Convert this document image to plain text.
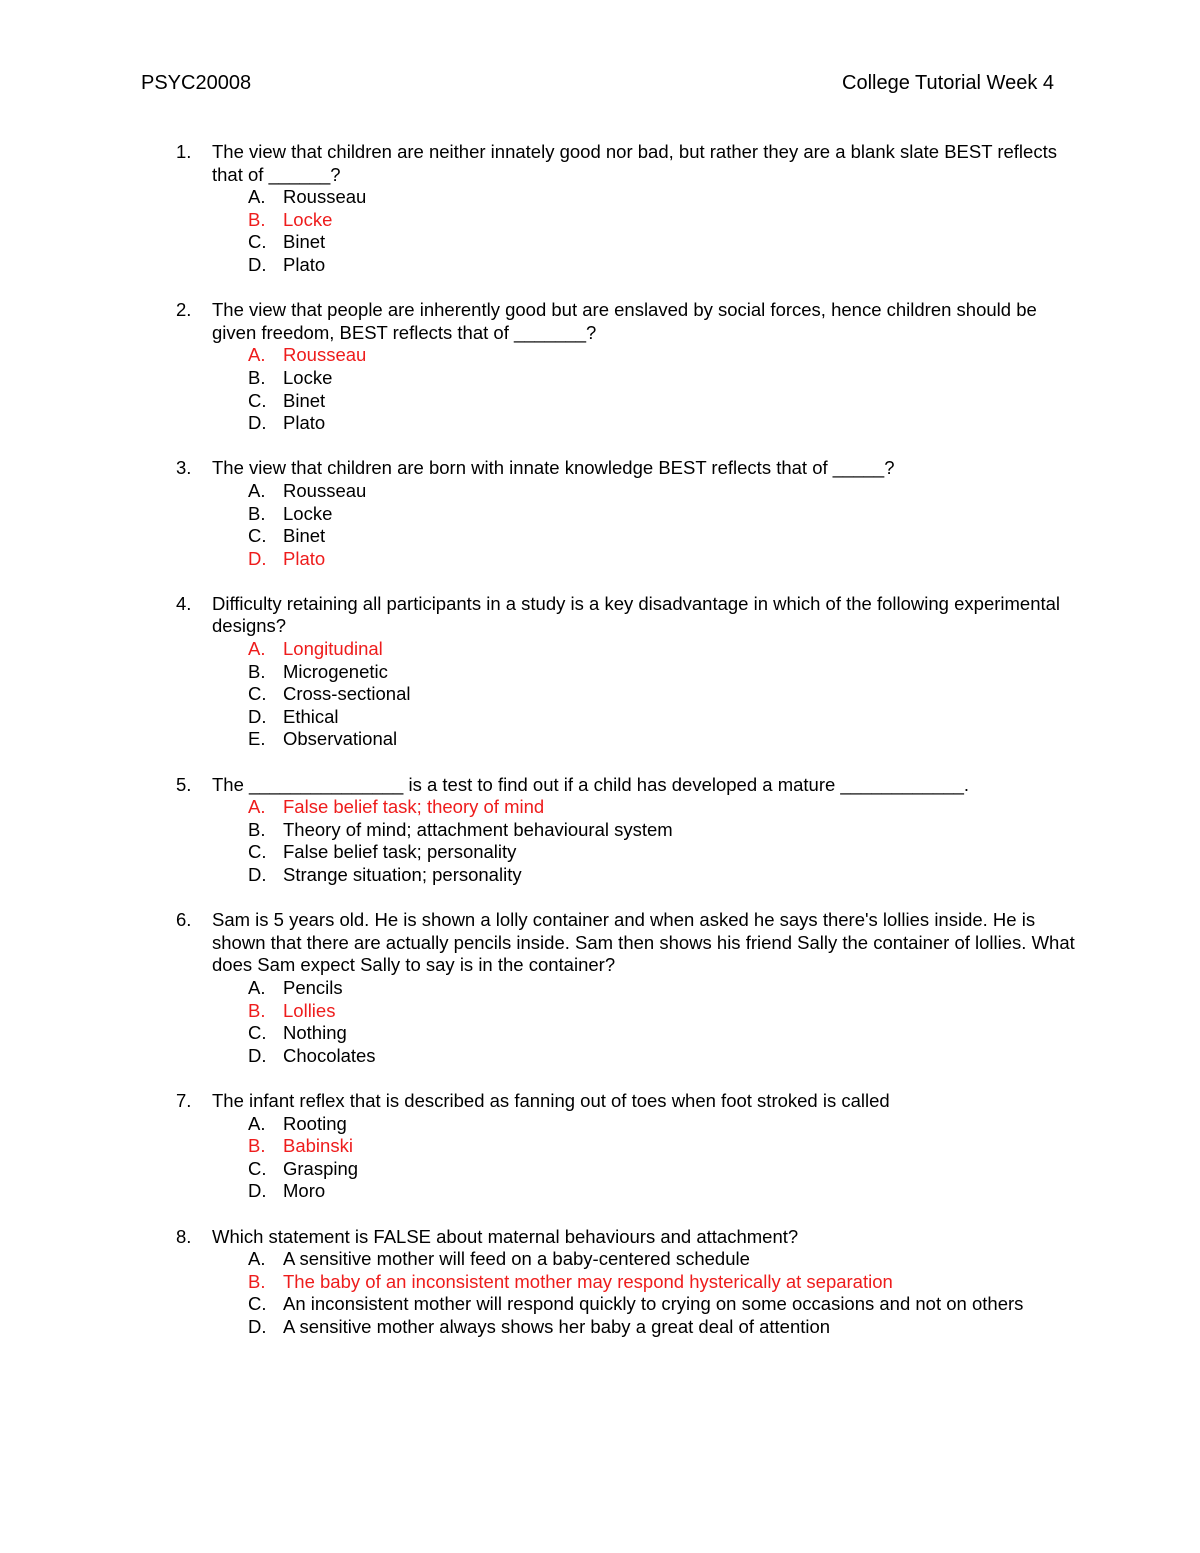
PSYC20008	College Tutorial Week 4
1. The view that children are neither innately good nor bad, but rather they are a blank slate BEST reflects that of ______?
A. Rousseau
B. Locke
C. Binet
D. Plato
2. The view that people are inherently good but are enslaved by social forces, hence children should be given freedom, BEST reflects that of _______?
A. Rousseau
B. Locke
C. Binet
D. Plato
3. The view that children are born with innate knowledge BEST reflects that of _____?
A. Rousseau
B. Locke
C. Binet
D. Plato
4. Difficulty retaining all participants in a study is a key disadvantage in which of the following experimental designs?
A. Longitudinal
B. Microgenetic
C. Cross-sectional
D. Ethical
E. Observational
5. The _______________ is a test to find out if a child has developed a mature ____________.
A. False belief task; theory of mind
B. Theory of mind; attachment behavioural system
C. False belief task; personality
D. Strange situation; personality
6. Sam is 5 years old. He is shown a lolly container and when asked he says there's lollies inside. He is shown that there are actually pencils inside. Sam then shows his friend Sally the container of lollies. What does Sam expect Sally to say is in the container?
A. Pencils
B. Lollies
C. Nothing
D. Chocolates
7. The infant reflex that is described as fanning out of toes when foot stroked is called
A. Rooting
B. Babinski
C. Grasping
D. Moro
8. Which statement is FALSE about maternal behaviours and attachment?
A. A sensitive mother will feed on a baby-centered schedule
B. The baby of an inconsistent mother may respond hysterically at separation
C. An inconsistent mother will respond quickly to crying on some occasions and not on others
D. A sensitive mother always shows her baby a great deal of attention
